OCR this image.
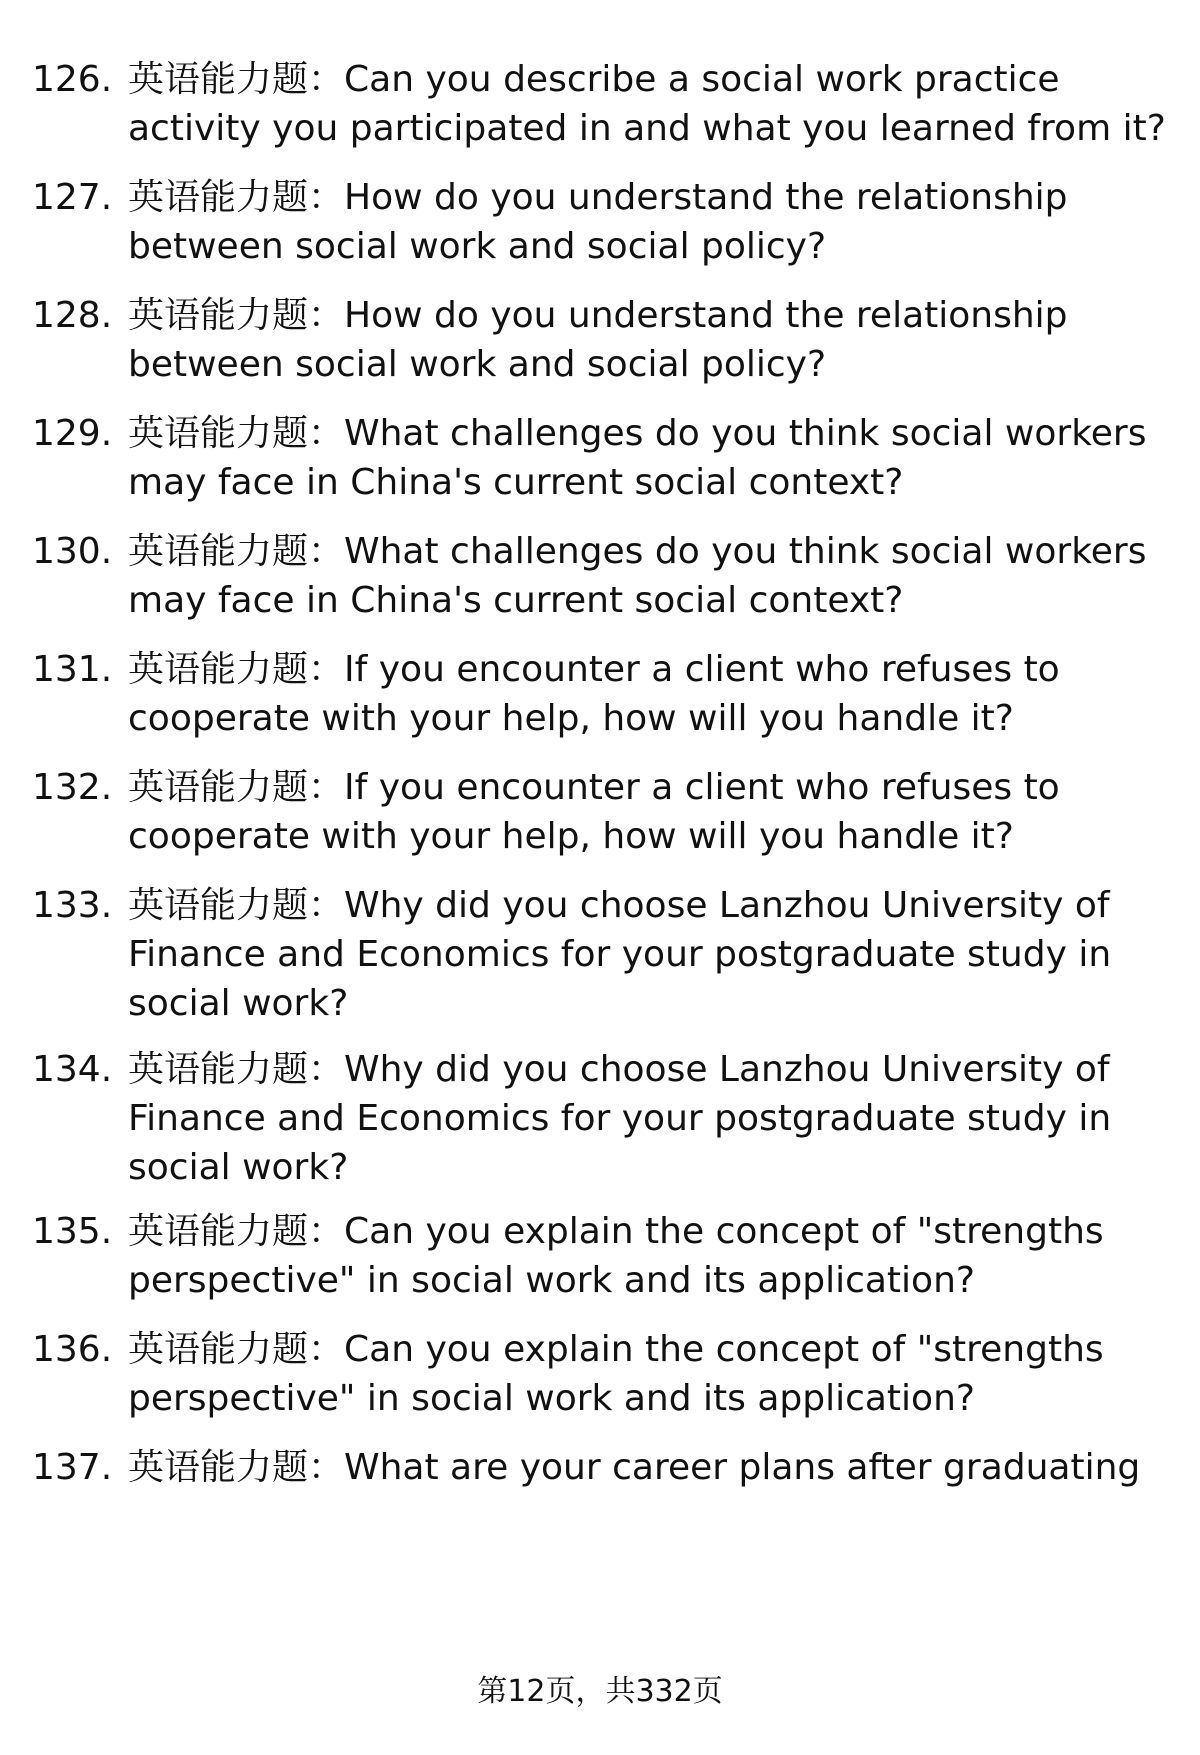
126. 英语能力题：Can you describe a social work practice activity you participated in and what you learned from it?
127. 英语能力题：How do you understand the relationship between social work and social policy?
128. 英语能力题：How do you understand the relationship between social work and social policy?
129. 英语能力题：What challenges do you think social workers may face in China's current social context?
130. 英语能力题：What challenges do you think social workers may face in China's current social context?
131. 英语能力题：If you encounter a client who refuses to cooperate with your help, how will you handle it?
132. 英语能力题：If you encounter a client who refuses to cooperate with your help, how will you handle it?
133. 英语能力题：Why did you choose Lanzhou University of Finance and Economics for your postgraduate study in social work?
134. 英语能力题：Why did you choose Lanzhou University of Finance and Economics for your postgraduate study in social work?
135. 英语能力题：Can you explain the concept of "strengths perspective" in social work and its application?
136. 英语能力题：Can you explain the concept of "strengths perspective" in social work and its application?
137. 英语能力题：What are your career plans after graduating
第12页，共332页
